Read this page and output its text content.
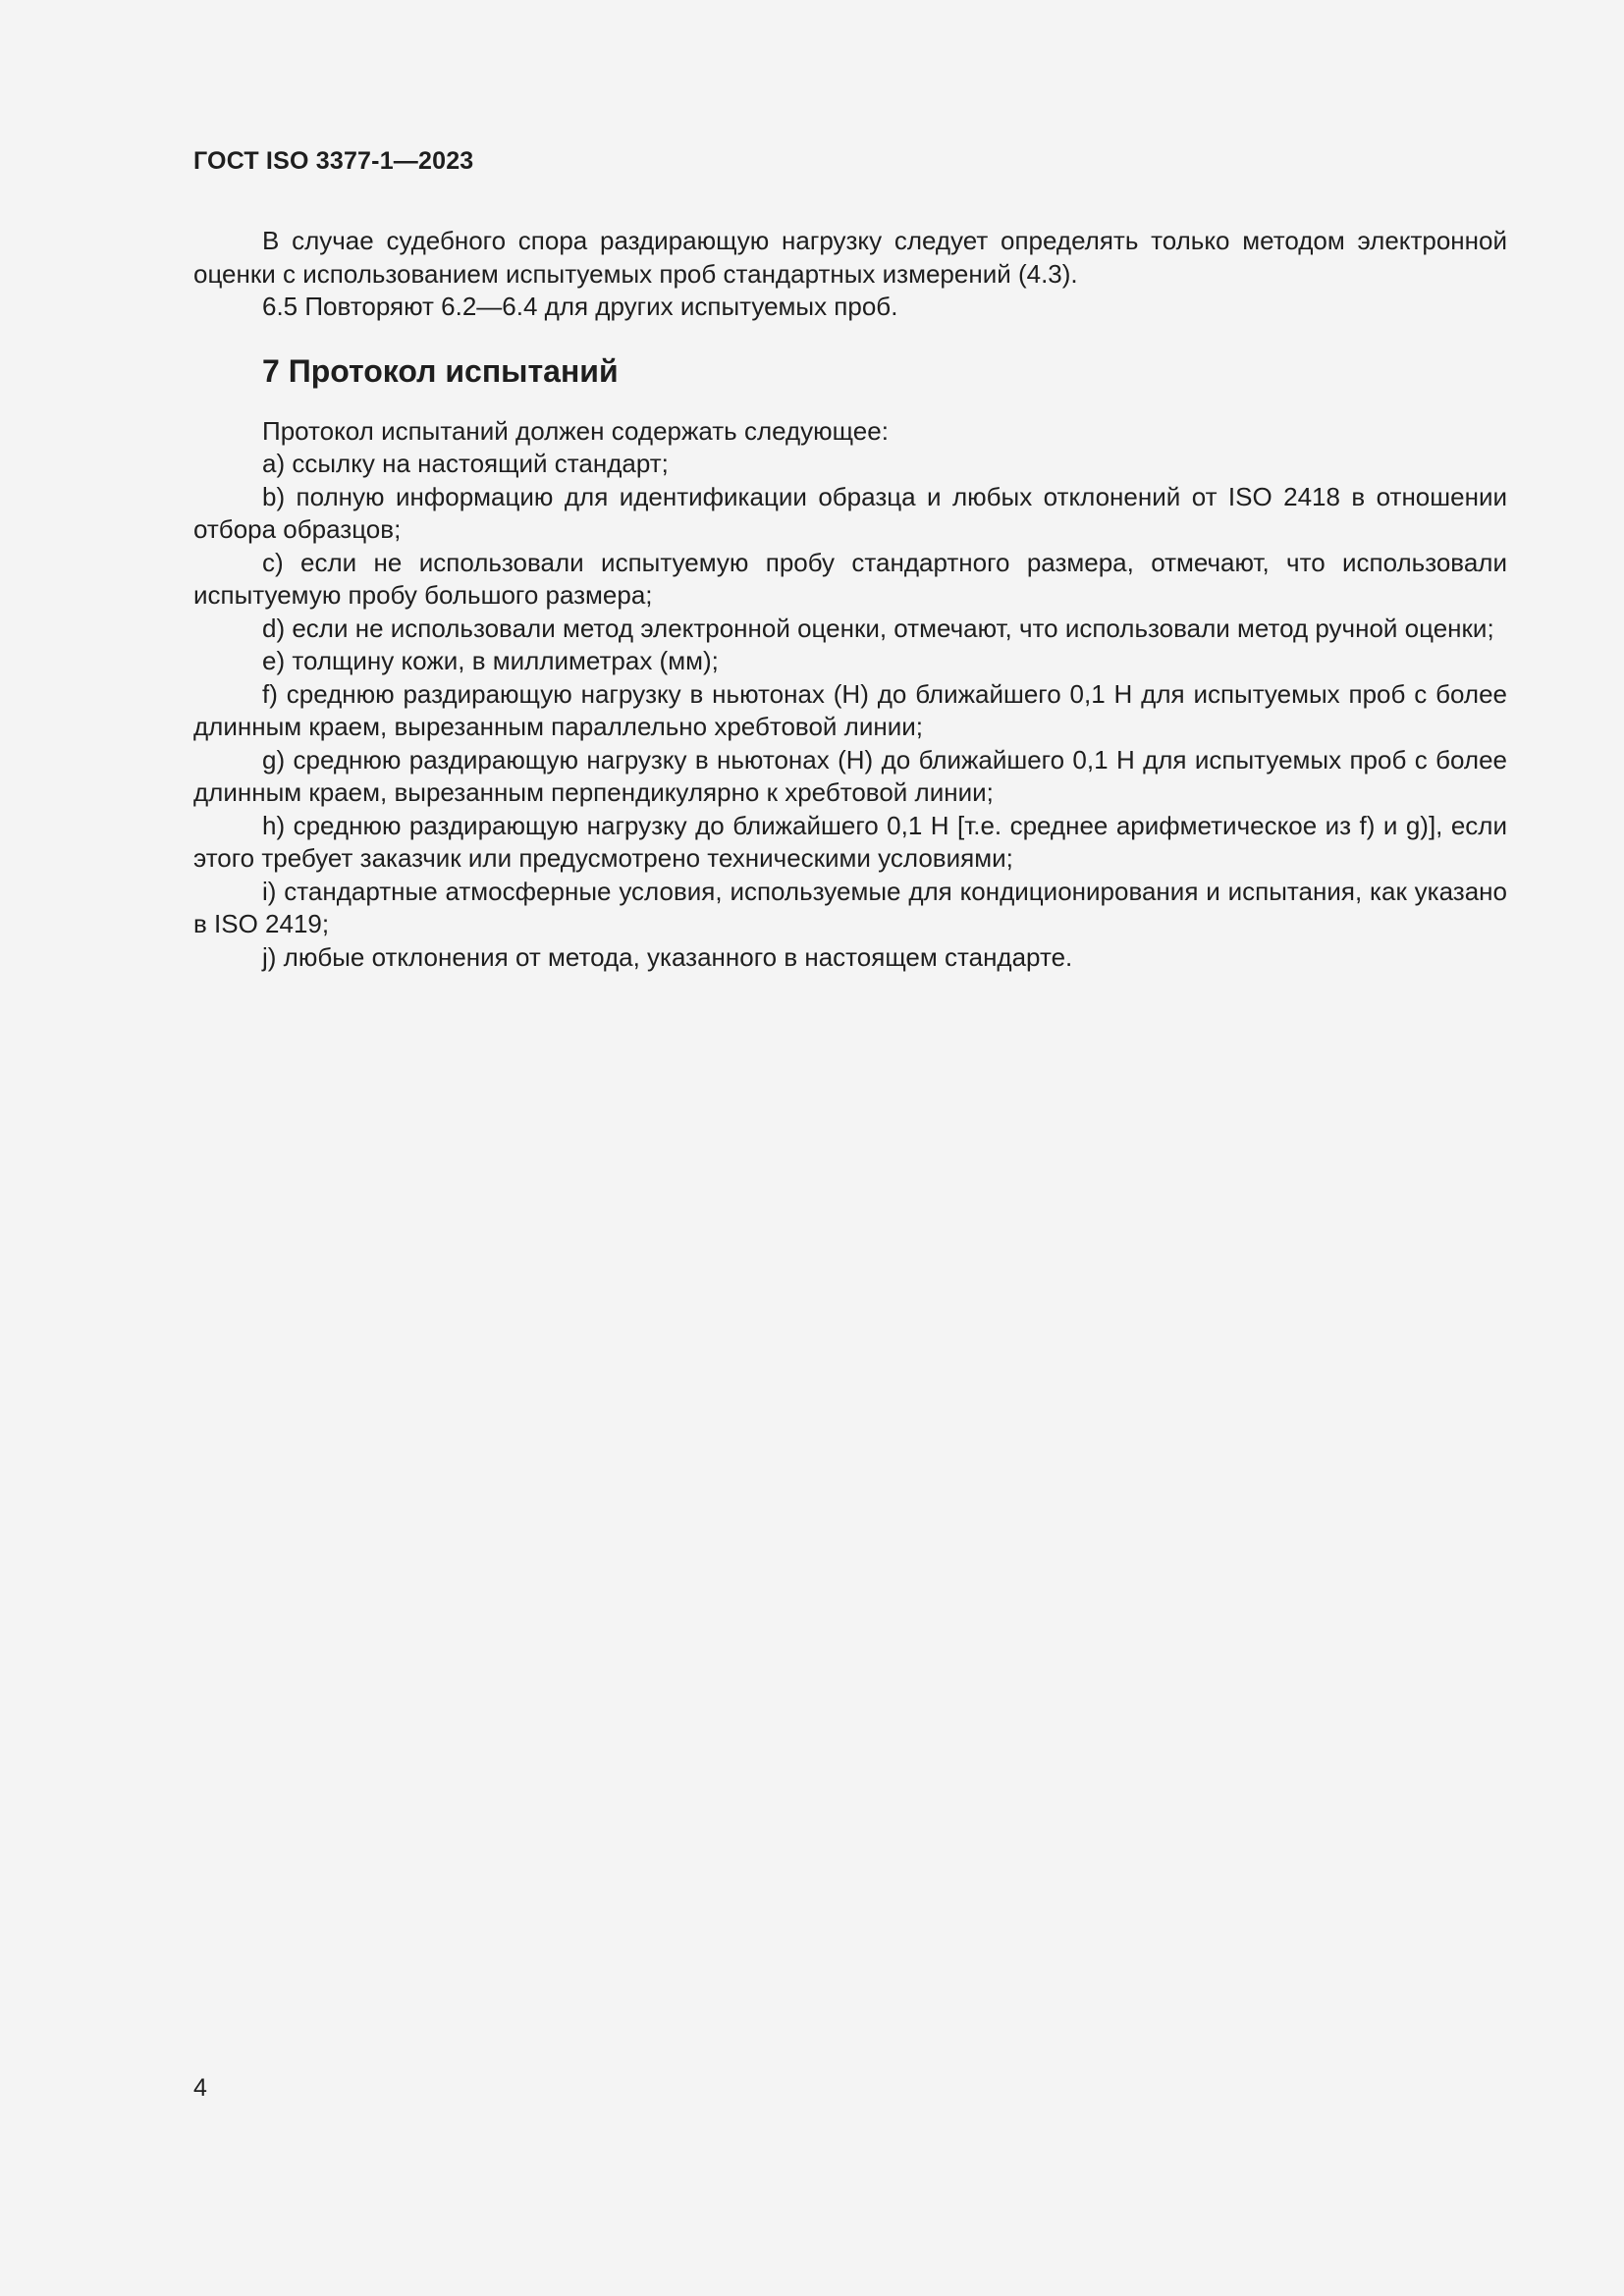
ГОСТ ISO 3377-1—2023

В случае судебного спора раздирающую нагрузку следует определять только методом электронной оценки с использованием испытуемых проб стандартных измерений (4.3).

6.5 Повторяют 6.2—6.4 для других испытуемых проб.

7 Протокол испытаний

Протокол испытаний должен содержать следующее:

a) ссылку на настоящий стандарт;

b) полную информацию для идентификации образца и любых отклонений от ISO 2418 в отношении отбора образцов;

c) если не использовали испытуемую пробу стандартного размера, отмечают, что использовали испытуемую пробу большого размера;

d) если не использовали метод электронной оценки, отмечают, что использовали метод ручной оценки;

e) толщину кожи, в миллиметрах (мм);

f) среднюю раздирающую нагрузку в ньютонах (Н) до ближайшего 0,1 Н для испытуемых проб с более длинным краем, вырезанным параллельно хребтовой линии;

g) среднюю раздирающую нагрузку в ньютонах (Н) до ближайшего 0,1 Н для испытуемых проб с более длинным краем, вырезанным перпендикулярно к хребтовой линии;

h) среднюю раздирающую нагрузку до ближайшего 0,1 Н [т.е. среднее арифметическое из f) и g)], если этого требует заказчик или предусмотрено техническими условиями;

i) стандартные атмосферные условия, используемые для кондиционирования и испытания, как указано в ISO 2419;

j) любые отклонения от метода, указанного в настоящем стандарте.

4
